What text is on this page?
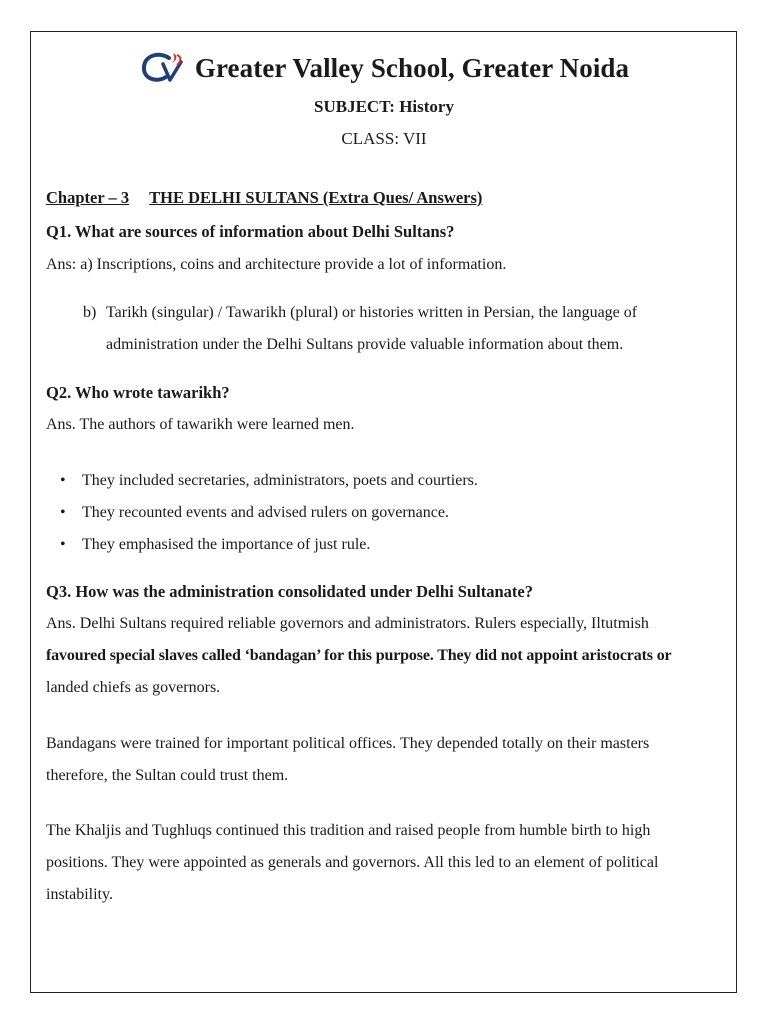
Greater Valley School, Greater Noida
SUBJECT: History
CLASS: VII
Chapter – 3 THE DELHI SULTANS (Extra Ques/ Answers)
Q1. What are sources of information about Delhi Sultans?
Ans: a) Inscriptions, coins and architecture provide a lot of information.
b) Tarikh (singular) / Tawarikh (plural) or histories written in Persian, the language of
administration under the Delhi Sultans provide valuable information about them.
Q2. Who wrote tawarikh?
Ans. The authors of tawarikh were learned men.
• They included secretaries, administrators, poets and courtiers.
• They recounted events and advised rulers on governance.
• They emphasised the importance of just rule.
Q3. How was the administration consolidated under Delhi Sultanate?
Ans. Delhi Sultans required reliable governors and administrators. Rulers especially, Iltutmish
favoured special slaves called ‘bandagan’ for this purpose. They did not appoint aristocrats or
landed chiefs as governors.
Bandagans were trained for important political offices. They depended totally on their masters
therefore, the Sultan could trust them.
The Khaljis and Tughluqs continued this tradition and raised people from humble birth to high
positions. They were appointed as generals and governors. All this led to an element of political
instability.
